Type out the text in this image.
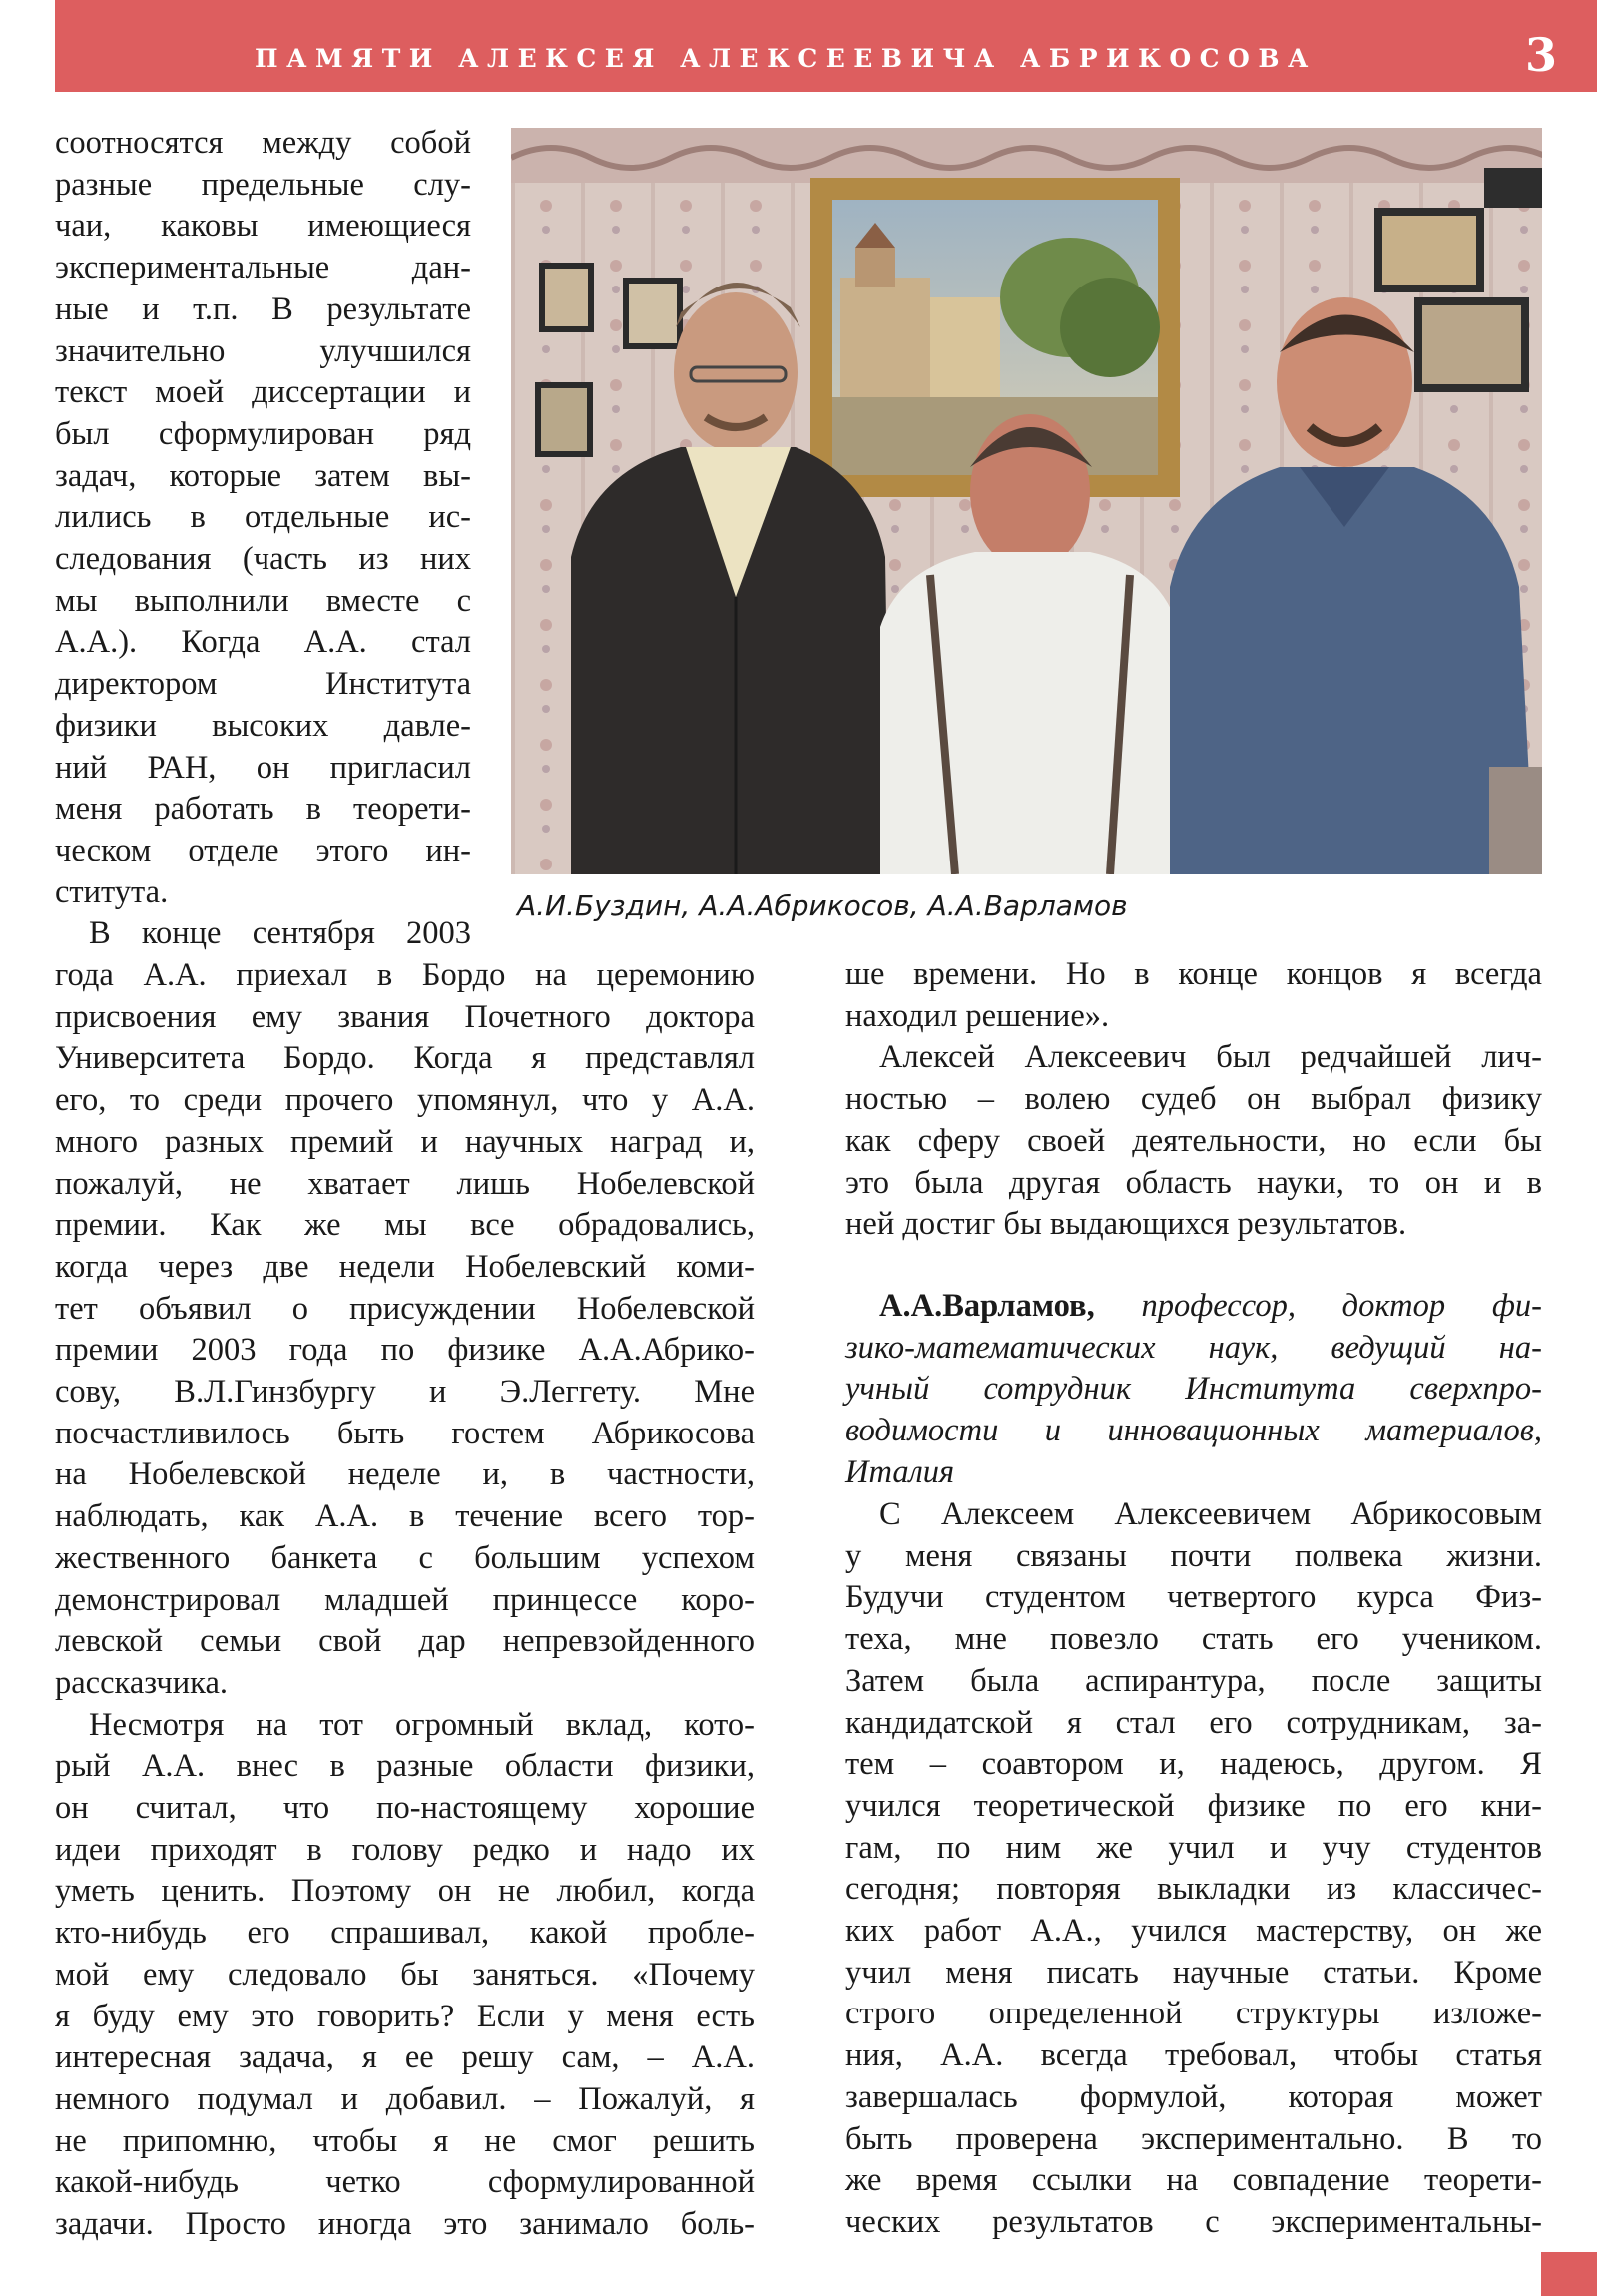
ПАМЯТИ АЛЕКСЕЯ АЛЕКСЕЕВИЧА АБРИКОСОВА	3

соотносятся между собой

разные предельные слу-

чаи, каковы имеющиеся

экспериментальные дан-

ные и т.п. В результате

значительно улучшился

текст моей диссертации и

был сформулирован ряд

задач, которые затем вы-

лились в отдельные ис-

следования (часть из них

мы выполнили вместе с

А.А.). Когда А.А. стал

директором Института

физики высоких давле-

ний РАН, он пригласил

меня работать в теорети-

ческом отделе этого ин-

ститута.

В конце сентября 2003

А.И.Буздин, А.А.Абрикосов, А.А.Варламов

года А.А. приехал в Бордо на церемонию

присвоения ему звания Почетного доктора

Университета Бордо. Когда я представлял

его, то среди прочего упомянул, что у А.А.

много разных премий и научных наград и,

пожалуй, не хватает лишь Нобелевской

премии. Как же мы все обрадовались,

когда через две недели Нобелевский коми-

тет объявил о присуждении Нобелевской

премии 2003 года по физике А.А.Абрико-

сову, В.Л.Гинзбургу и Э.Леггету. Мне

посчастливилось быть гостем Абрикосова

на Нобелевской неделе и, в частности,

наблюдать, как А.А. в течение всего тор-

жественного банкета с большим успехом

демонстрировал младшей принцессе коро-

левской семьи свой дар непревзойденного

рассказчика.

Несмотря на тот огромный вклад, кото-

рый А.А. внес в разные области физики,

он считал, что по-настоящему хорошие

идеи приходят в голову редко и надо их

уметь ценить. Поэтому он не любил, когда

кто-нибудь его спрашивал, какой пробле-

мой ему следовало бы заняться. «Почему

я буду ему это говорить? Если у меня есть

интересная задача, я ее решу сам, – А.А.

немного подумал и добавил. – Пожалуй, я

не припомню, чтобы я не смог решить

какой-нибудь четко сформулированной

задачи. Просто иногда это занимало боль-

ше времени. Но в конце концов я всегда

находил решение».

Алексей Алексеевич был редчайшей лич-

ностью – волею судеб он выбрал физику

как сферу своей деятельности, но если бы

это была другая область науки, то он и в

ней достиг бы выдающихся результатов.

А.А.Варламов, профессор, доктор фи-

зико-математических наук, ведущий на-

учный сотрудник Института сверхпро-

водимости и инновационных материалов,

Италия

С Алексеем Алексеевичем Абрикосовым

у меня связаны почти полвека жизни.

Будучи студентом четвертого курса Физ-

теха, мне повезло стать его учеником.

Затем была аспирантура, после защиты

кандидатской я стал его сотрудникам, за-

тем – соавтором и, надеюсь, другом. Я

учился теоретической физике по его кни-

гам, по ним же учил и учу студентов

сегодня; повторяя выкладки из классичес-

ких работ А.А., учился мастерству, он же

учил меня писать научные статьи. Кроме

строго определенной структуры изложе-

ния, А.А. всегда требовал, чтобы статья

завершалась формулой, которая может

быть проверена экспериментально. В то

же время ссылки на совпадение теорети-

ческих результатов с экспериментальны-
